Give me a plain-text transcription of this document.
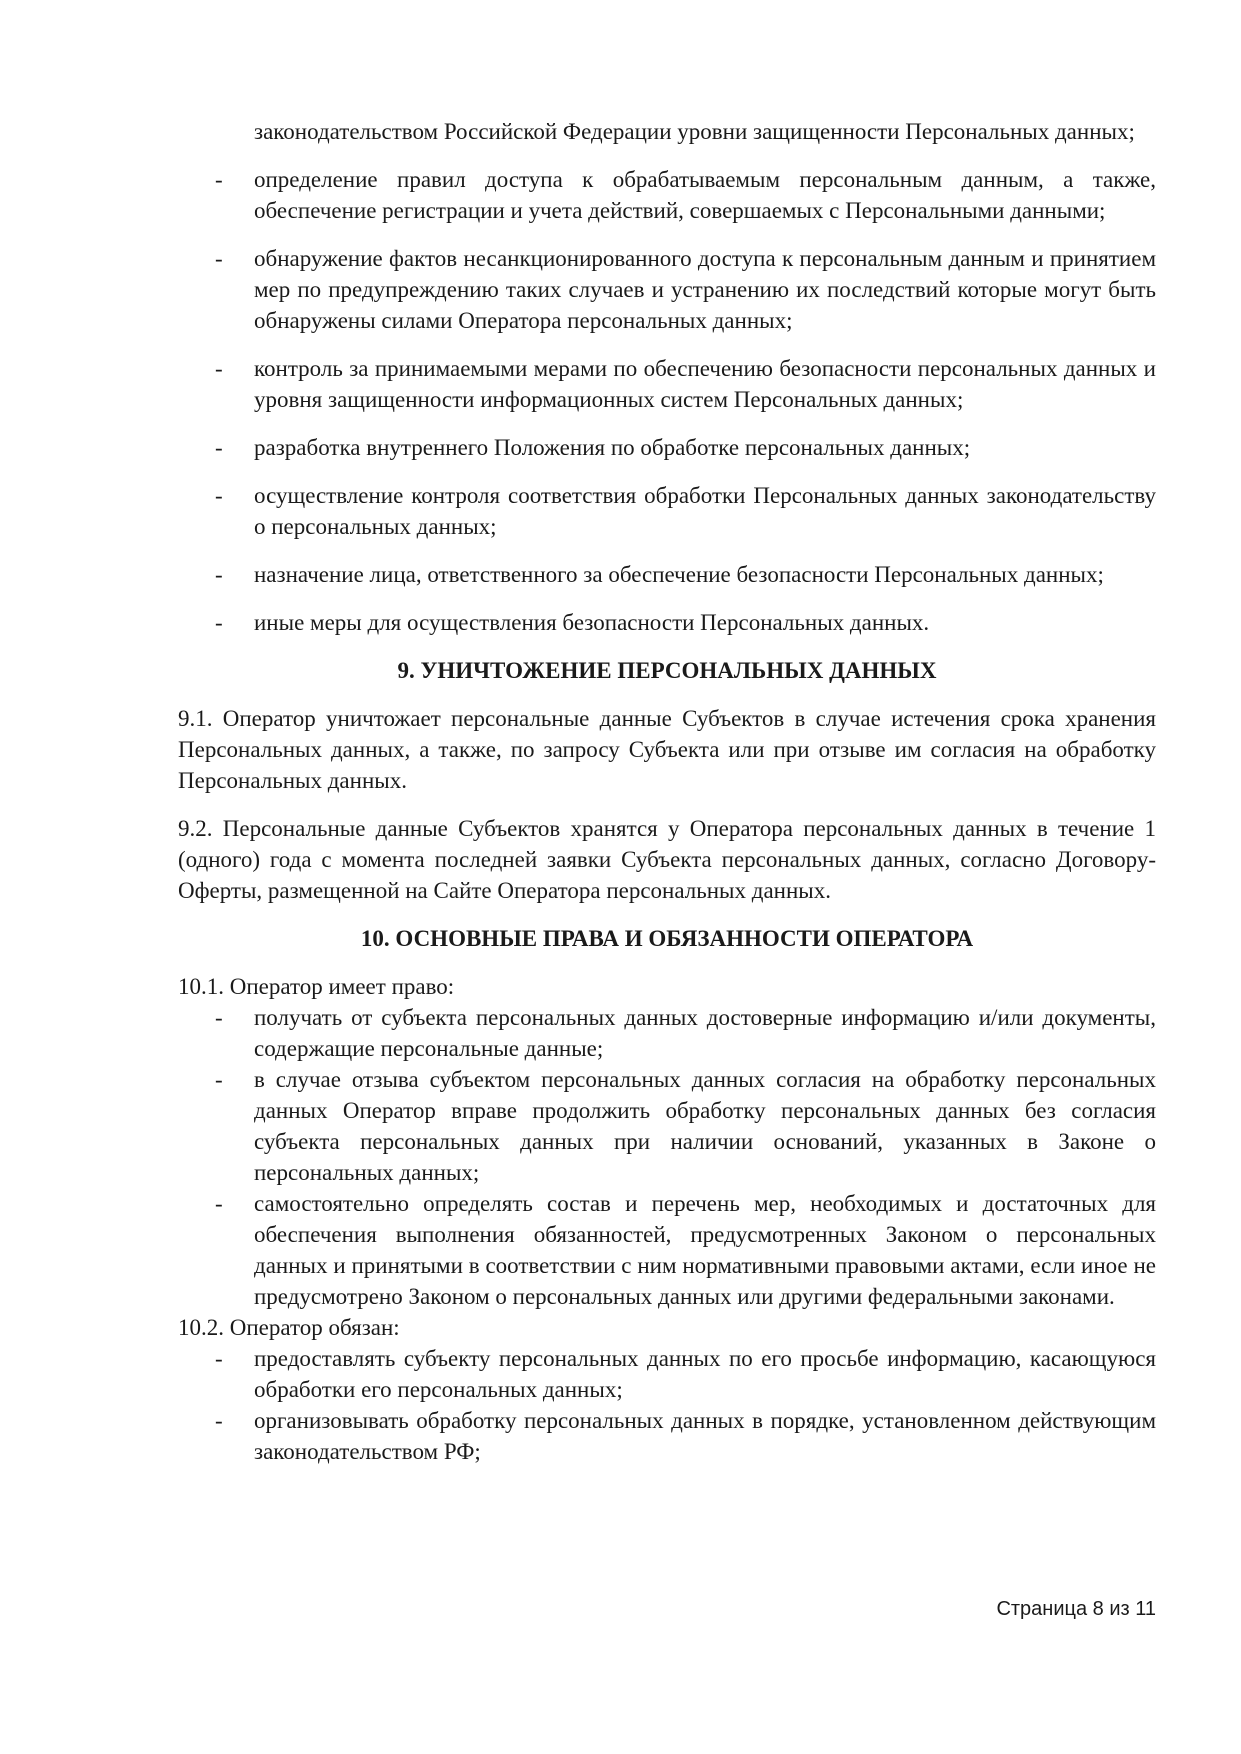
законодательством Российской Федерации уровни защищенности Персональных данных;
- определение правил доступа к обрабатываемым персональным данным, а также, обеспечение регистрации и учета действий, совершаемых с Персональными данными;
- обнаружение фактов несанкционированного доступа к персональным данным и принятием мер по предупреждению таких случаев и устранению их последствий которые могут быть обнаружены силами Оператора персональных данных;
- контроль за принимаемыми мерами по обеспечению безопасности персональных данных и уровня защищенности информационных систем Персональных данных;
- разработка внутреннего Положения по обработке персональных данных;
- осуществление контроля соответствия обработки Персональных данных законодательству о персональных данных;
- назначение лица, ответственного за обеспечение безопасности Персональных данных;
- иные меры для осуществления безопасности Персональных данных.
9. УНИЧТОЖЕНИЕ ПЕРСОНАЛЬНЫХ ДАННЫХ

9.1. Оператор уничтожает персональные данные Субъектов в случае истечения срока хранения Персональных данных, а также, по запросу Субъекта или при отзыве им согласия на обработку Персональных данных.

9.2. Персональные данные Субъектов хранятся у Оператора персональных данных в течение 1 (одного) года с момента последней заявки Субъекта персональных данных, согласно Договору-Оферты, размещенной на Сайте Оператора персональных данных.

10. ОСНОВНЫЕ ПРАВА И ОБЯЗАННОСТИ ОПЕРАТОРА

10.1. Оператор имеет право:

- получать от субъекта персональных данных достоверные информацию и/или документы, содержащие персональные данные;
- в случае отзыва субъектом персональных данных согласия на обработку персональных данных Оператор вправе продолжить обработку персональных данных без согласия субъекта персональных данных при наличии оснований, указанных в Законе о персональных данных;
- самостоятельно определять состав и перечень мер, необходимых и достаточных для обеспечения выполнения обязанностей, предусмотренных Законом о персональных данных и принятыми в соответствии с ним нормативными правовыми актами, если иное не предусмотрено Законом о персональных данных или другими федеральными законами.

10.2. Оператор обязан:

- предоставлять субъекту персональных данных по его просьбе информацию, касающуюся обработки его персональных данных;
- организовывать обработку персональных данных в порядке, установленном действующим законодательством РФ;
Страница 8 из 11
